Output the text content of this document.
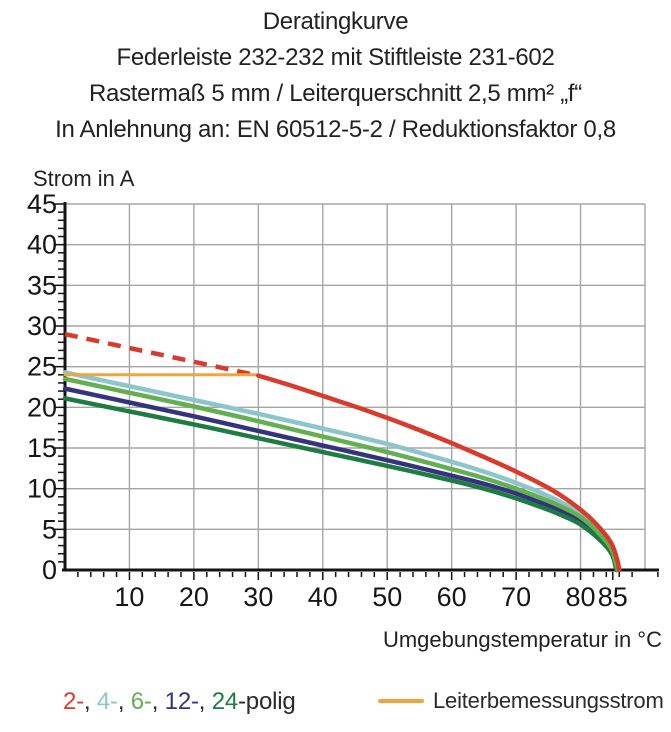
Deratingkurve
Federleiste 232-232 mit Stiftleiste 231-602
Rastermaß 5 mm / Leiterquerschnitt 2,5 mm² „f“
In Anlehnung an: EN 60512-5-2 / Reduktionsfaktor 0,8
Strom in A
0
5
10
15
20
25
30
35
40
45
10 20 30 40 50 60 70 80 85
Umgebungstemperatur in °C
2-, 4-, 6-, 12-, 24-polig	Leiterbemessungsstrom
